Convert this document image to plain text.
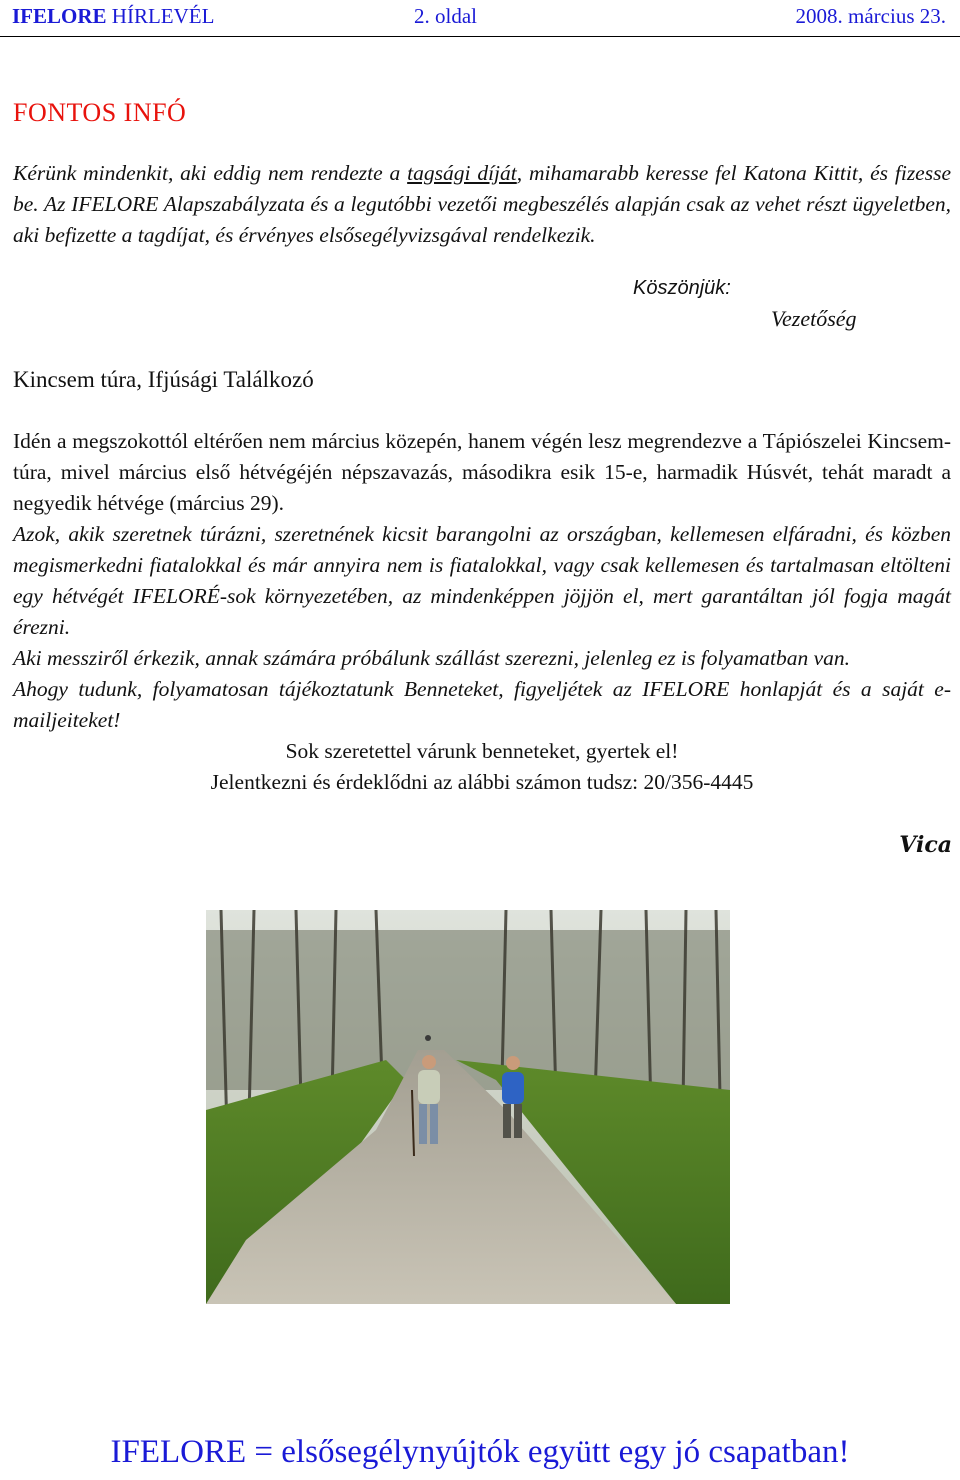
IFELORE HÍRLEVÉL	2. oldal	2008. március 23.
FONTOS INFÓ

Kérünk mindenkit, aki eddig nem rendezte a tagsági díját, mihamarabb keresse fel Katona Kittit, és fizesse be. Az IFELORE Alapszabályzata és a legutóbbi vezetői megbeszélés alapján csak az vehet részt ügyeletben, aki befizette a tagdíjat, és érvényes elsősegélyvizsgával rendelkezik.

Köszönjük:
Vezetőség
Kincsem túra, Ifjúsági Találkozó

Idén a megszokottól eltérően nem március közepén, hanem végén lesz megrendezve a Tápiószelei Kincsem-túra, mivel március első hétvégéjén népszavazás, másodikra esik 15-e, harmadik Húsvét, tehát maradt a negyedik hétvége (március 29).

Azok, akik szeretnek túrázni, szeretnének kicsit barangolni az országban, kellemesen elfáradni, és közben megismerkedni fiatalokkal és már annyira nem is fiatalokkal, vagy csak kellemesen és tartalmasan eltölteni egy hétvégét IFELORÉ-sok környezetében, az mindenképpen jöjjön el, mert garantáltan jól fogja magát érezni.

Aki messziről érkezik, annak számára próbálunk szállást szerezni, jelenleg ez is folyamatban van.

Ahogy tudunk, folyamatosan tájékoztatunk Benneteket, figyeljétek az IFELORE honlapját és a saját e-mailjeiteket!

Sok szeretettel várunk benneteket, gyertek el!

Jelentkezni és érdeklődni az alábbi számon tudsz: 20/356-4445

Vica
IFELORE = elsősegélynyújtók együtt egy jó csapatban!
